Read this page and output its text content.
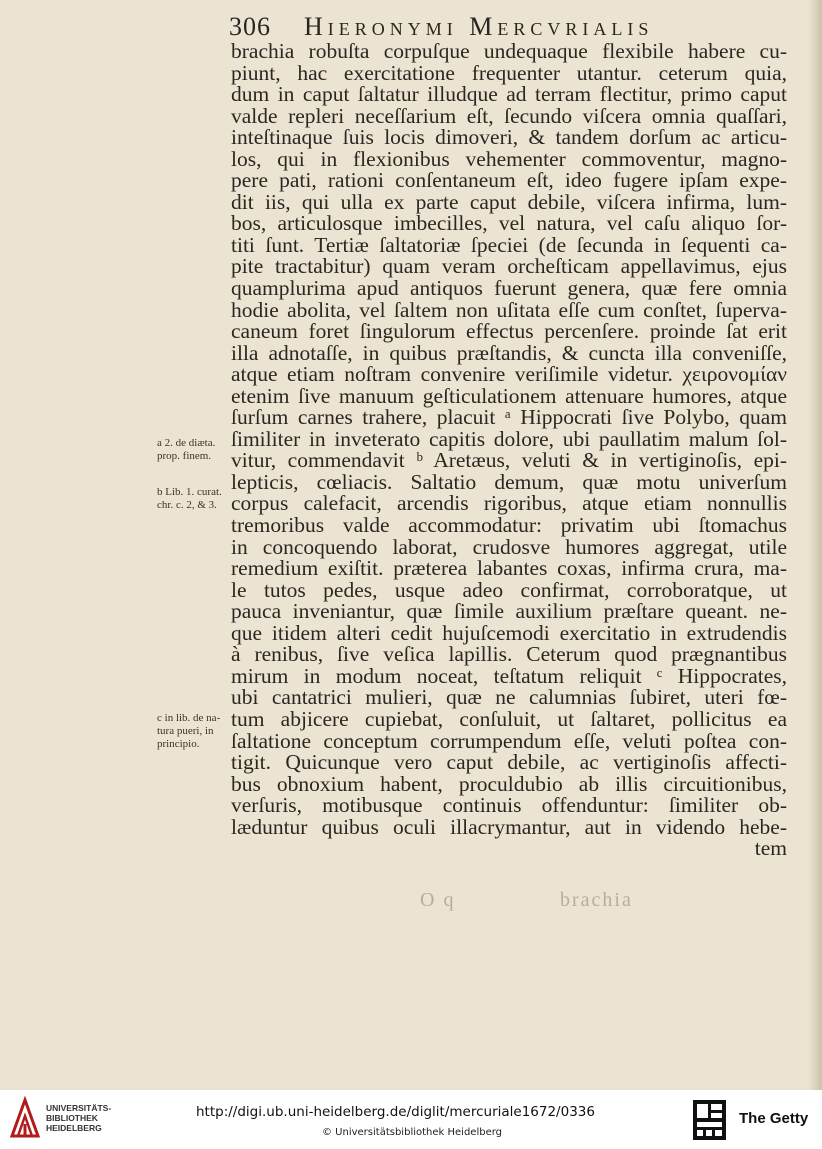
306 Hieronymi Mercvrialis
brachia robuſta corpuſque undequaque flexibile habere cu-
piunt, hac exercitatione frequenter utantur. ceterum quia,
dum in caput ſaltatur illudque ad terram flectitur, primo caput
valde repleri neceſſarium eſt, ſecundo viſcera omnia quaſſari,
inteſtinaque ſuis locis dimoveri, & tandem dorſum ac articu-
los, qui in flexionibus vehementer commoventur, magno-
pere pati, rationi conſentaneum eſt, ideo fugere ipſam expe-
dit iis, qui ulla ex parte caput debile, viſcera infirma, lum-
bos, articulosque imbecilles, vel natura, vel caſu aliquo ſor-
titi ſunt. Tertiæ ſaltatoriæ ſpeciei (de ſecunda in ſequenti ca-
pite tractabitur) quam veram orcheſticam appellavimus, ejus
quamplurima apud antiquos fuerunt genera, quæ fere omnia
hodie abolita, vel ſaltem non uſitata eſſe cum conſtet, ſuperva-
caneum foret ſingulorum effectus percenſere. proinde ſat erit
illa adnotaſſe, in quibus præſtandis, & cuncta illa conveniſſe,
atque etiam noſtram convenire veriſimile videtur. χειρονομίαν
etenim ſive manuum geſticulationem attenuare humores, atque
ſurſum carnes trahere, placuit ᵃ Hippocrati ſive Polybo, quam
ſimiliter in inveterato capitis dolore, ubi paullatim malum ſol-
vitur, commendavit ᵇ Aretæus, veluti & in vertiginoſis, epi-
lepticis, cœliacis. Saltatio demum, quæ motu univerſum
corpus calefacit, arcendis rigoribus, atque etiam nonnullis
tremoribus valde accommodatur: privatim ubi ſtomachus
in concoquendo laborat, crudosve humores aggregat, utile
remedium exiſtit. præterea labantes coxas, infirma crura, ma-
le tutos pedes, usque adeo confirmat, corroboratque, ut
pauca inveniantur, quæ ſimile auxilium præſtare queant. ne-
que itidem alteri cedit hujuſcemodi exercitatio in extrudendis
à renibus, ſive veſica lapillis. Ceterum quod prægnantibus
mirum in modum noceat, teſtatum reliquit ᶜ Hippocrates,
ubi cantatrici mulieri, quæ ne calumnias ſubiret, uteri fœ-
tum abjicere cupiebat, conſuluit, ut ſaltaret, pollicitus ea
ſaltatione conceptum corrumpendum eſſe, veluti poſtea con-
tigit. Quicunque vero caput debile, ac vertiginoſis affecti-
bus obnoxium habent, proculdubio ab illis circuitionibus,
verſuris, motibusque continuis offenduntur: ſimiliter ob-
læduntur quibus oculi illacrymantur, aut in videndo hebe-
tem
a 2. de diæta.
prop. finem.
b Lib. 1. curat.
chr. c. 2, & 3.
c in lib. de na-
tura pueri, in
principio.
O q	brachia
UNIVERSITÄTS-
BIBLIOTHEK
HEIDELBERG
http://digi.ub.uni-heidelberg.de/diglit/mercuriale1672/0336
© Universitätsbibliothek Heidelberg
The Getty
